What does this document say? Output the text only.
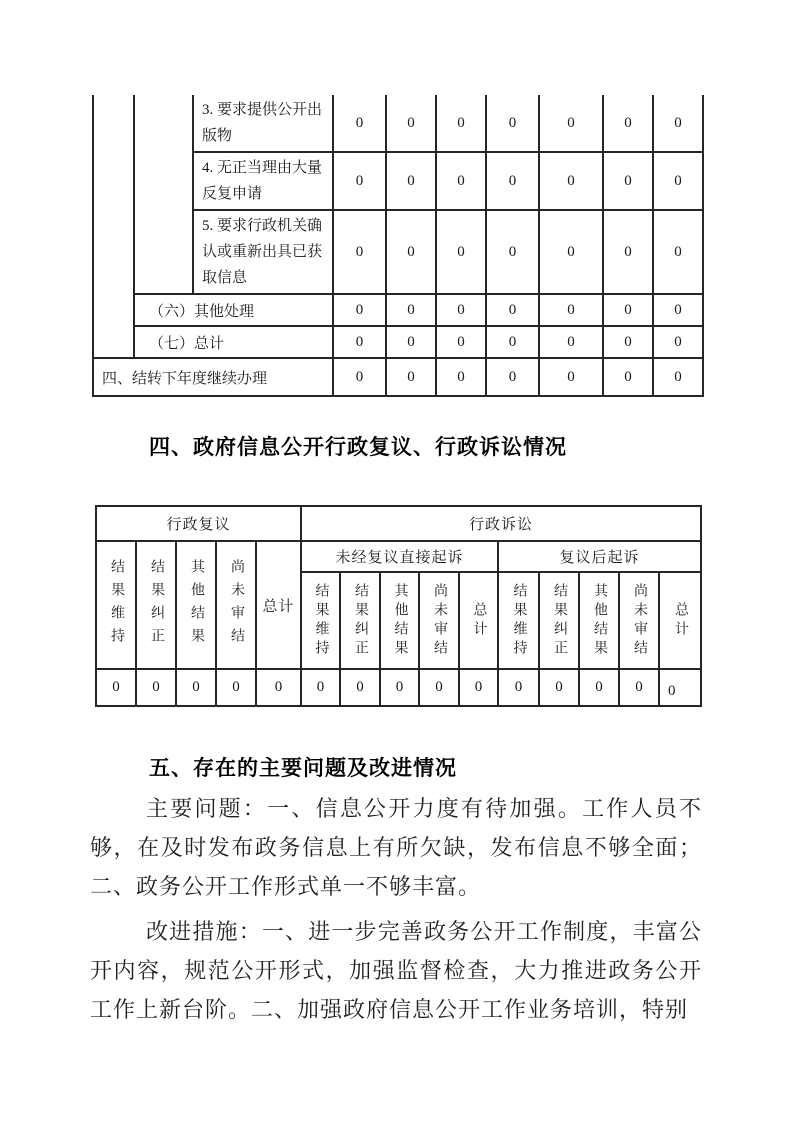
		3. 要求提供公开出版物	0	0	0	0	0	0	0
		4. 无正当理由大量反复申请	0	0	0	0	0	0	0
		5. 要求行政机关确认或重新出具已获取信息	0	0	0	0	0	0	0
	（六）其他处理		0	0	0	0	0	0	0
	（七）总计		0	0	0	0	0	0	0
四、结转下年度继续办理			0	0	0	0	0	0	0
四、政府信息公开行政复议、行政诉讼情况
行政复议					行政诉讼									

结果维持	结果纠正	其他结果	尚未审结	总计	未经复议直接起诉					复议后起诉				

					结果维持	结果纠正	其他结果	尚未审结	总计	结果维持	结果纠正	其他结果	尚未审结	总计

0	0	0	0	0	0	0	0	0	0	0	0	0	0	0
五、存在的主要问题及改进情况

主要问题：一、信息公开力度有待加强。工作人员不够，在及时发布政务信息上有所欠缺，发布信息不够全面；二、政务公开工作形式单一不够丰富。

改进措施：一、进一步完善政务公开工作制度，丰富公开内容，规范公开形式，加强监督检查，大力推进政务公开工作上新台阶。二、加强政府信息公开工作业务培训，特别
